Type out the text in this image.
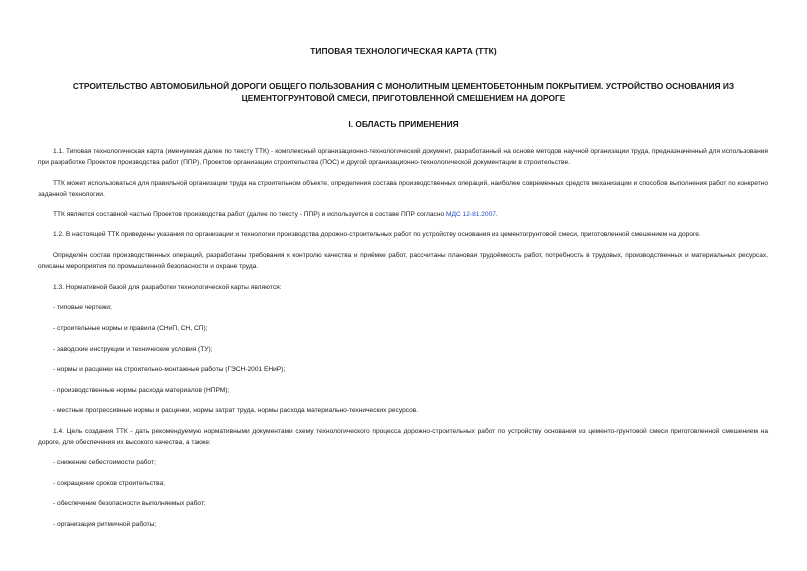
ТИПОВАЯ ТЕХНОЛОГИЧЕСКАЯ КАРТА (ТТК)
СТРОИТЕЛЬСТВО АВТОМОБИЛЬНОЙ ДОРОГИ ОБЩЕГО ПОЛЬЗОВАНИЯ С МОНОЛИТНЫМ ЦЕМЕНТОБЕТОННЫМ ПОКРЫТИЕМ. УСТРОЙСТВО ОСНОВАНИЯ ИЗ ЦЕМЕНТОГРУНТОВОЙ СМЕСИ, ПРИГОТОВЛЕННОЙ СМЕШЕНИЕМ НА ДОРОГЕ
I. ОБЛАСТЬ ПРИМЕНЕНИЯ
1.1. Типовая технологическая карта (именуемая далее по тексту ТТК) - комплексный организационно-технологический документ, разработанный на основе методов научной организации труда, предназначенный для использования при разработке Проектов производства работ (ППР), Проектов организации строительства (ПОС) и другой организационно-технологической документации в строительстве.
ТТК может использоваться для правильной организации труда на строительном объекте, определения состава производственных операций, наиболее современных средств механизации и способов выполнения работ по конкретно заданной технологии.
ТТК является составной частью Проектов производства работ (далее по тексту - ППР) и используется в составе ППР согласно МДС 12-81.2007.
1.2. В настоящей ТТК приведены указания по организации и технологии производства дорожно-строительных работ по устройству основания из цементогрунтовой смеси, приготовленной смешением на дороге.
Определён состав производственных операций, разработаны требования к контролю качества и приёмке работ, рассчитаны плановая трудоёмкость работ, потребность в трудовых, производственных и материальных ресурсах, описаны мероприятия по промышленной безопасности и охране труда.
1.3. Нормативной базой для разработки технологической карты являются:
- типовые чертежи;
- строительные нормы и правила (СНиП, СН, СП);
- заводские инструкции и технические условия (ТУ);
- нормы и расценки на строительно-монтажные работы (ГЭСН-2001 ЕНиР);
- производственные нормы расхода материалов (НПРМ);
- местные прогрессивные нормы и расценки, нормы затрат труда, нормы расхода материально-технических ресурсов.
1.4. Цель создания ТТК - дать рекомендуемую нормативными документами схему технологического процесса дорожно-строительных работ по устройству основания из цементо-грунтовой смеси приготовленной смешением на дороге, для обеспечения их высокого качества, а также:
- снижение себестоимости работ;
- сокращение сроков строительства;
- обеспечение безопасности выполняемых работ;
- организация ритмичной работы;
